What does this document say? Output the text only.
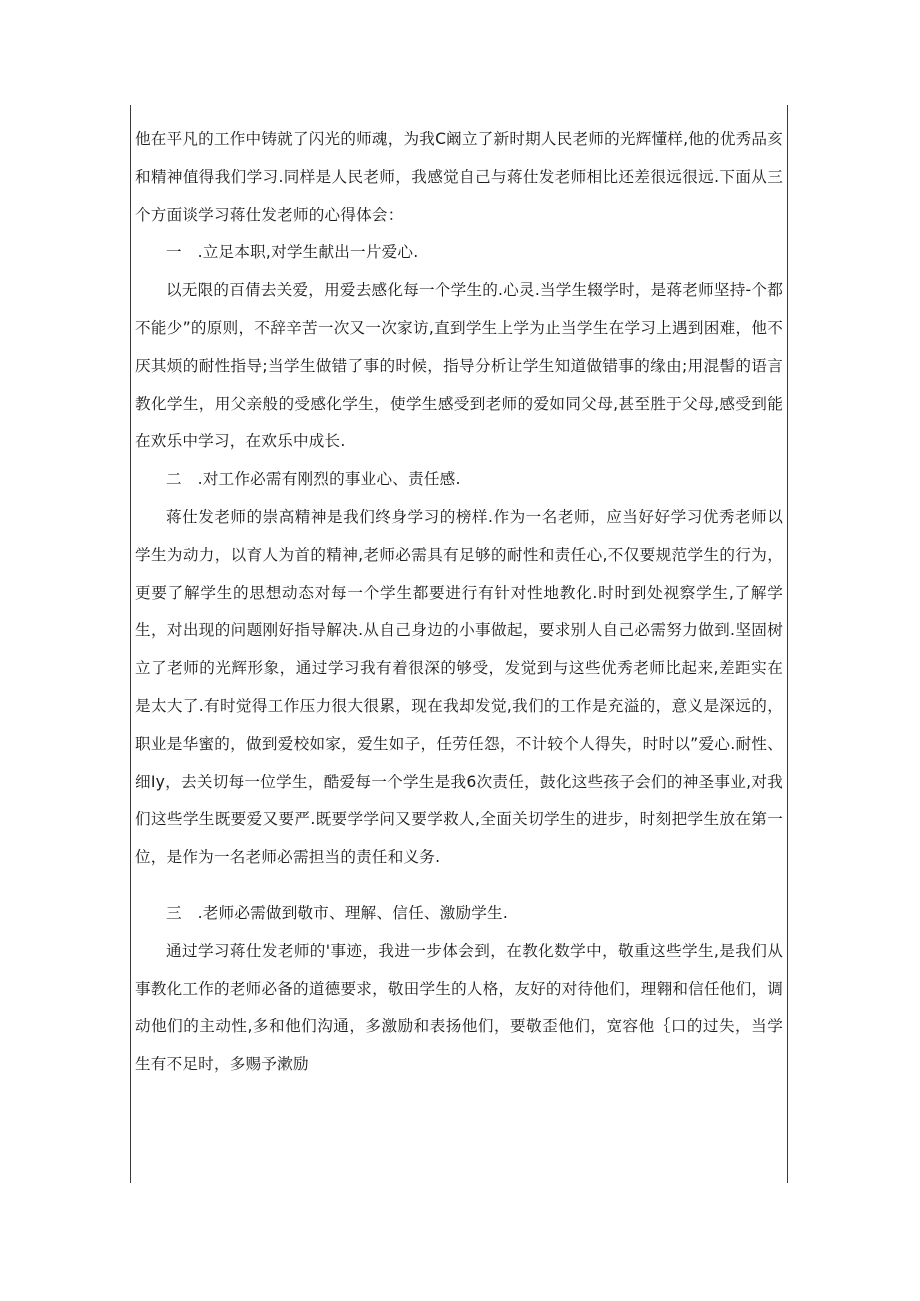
他在平凡的工作中铸就了闪光的师魂，为我C阚立了新时期人民老师的光辉懂样,他的优秀品亥和精神值得我们学习.同样是人民老师，我感觉自己与蒋仕发老师相比还差很远很远.下面从三个方面谈学习蒋仕发老师的心得体会：

一　.立足本职,对学生献出一片爱心.

以无限的百倩去关爱，用爱去感化每一个学生的.心灵.当学生辍学时，是蒋老师坚持-个都不能少”的原则，不辞辛苦一次又一次家访,直到学生上学为止当学生在学习上遇到困难，他不厌其烦的耐性指导;当学生做错了事的时候，指导分析让学生知道做错事的缘由;用混髻的语言教化学生，用父亲般的受感化学生，使学生感受到老师的爱如同父母,甚至胜于父母,感受到能在欢乐中学习，在欢乐中成长.

二　.对工作必需有刚烈的事业心、责任感.

蒋仕发老师的崇高精神是我们终身学习的榜样.作为一名老师，应当好好学习优秀老师以学生为动力，以育人为首的精神,老师必需具有足够的耐性和责任心,不仅要规范学生的行为，更要了解学生的思想动态对每一个学生都要进行有针对性地教化.时时到处视察学生,了解学生，对出现的问题刚好指导解决.从自己身边的小事做起，要求别人自己必需努力做到.坚固树立了老师的光辉形象，通过学习我有着很深的够受，发觉到与这些优秀老师比起来,差距实在是太大了.有时觉得工作压力很大很累，现在我却发觉,我们的工作是充溢的，意义是深远的，职业是华蜜的，做到爱校如家，爱生如子，任劳任怨，不计较个人得失，时时以”爱心.耐性、细Iy，去关切每一位学生，酷爱每一个学生是我6次责任，鼓化这些孩子会们的神圣事业,对我们这些学生既要爱又要严.既要学学问又要学救人,全面关切学生的进步，时刻把学生放在第一位，是作为一名老师必需担当的责任和义务.

三　.老师必需做到敬市、理解、信任、激励学生.

通过学习蒋仕发老师的'事迹，我进一步体会到，在教化数学中，敬重这些学生,是我们从事教化工作的老师必备的道德要求，敬田学生的人格，友好的对待他们，理翱和信任他们，调动他们的主动性,多和他们沟通，多激励和表扬他们，要敬歪他们，宽容他｛口的过失，当学生有不足时，多赐予漱励
